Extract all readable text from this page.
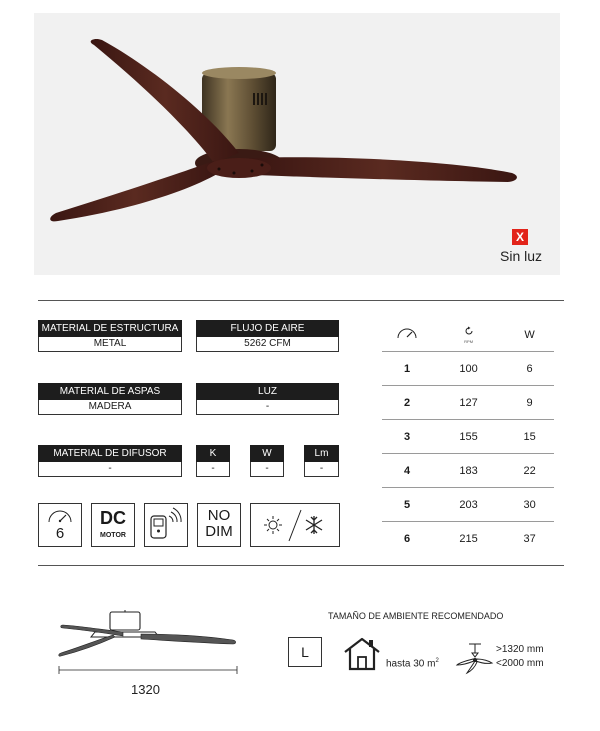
X
Sin luz
MATERIAL DE ESTRUCTURA
METAL
FLUJO DE AIRE
5262 CFM
MATERIAL DE ASPAS
MADERA
LUZ
-
MATERIAL DE DIFUSOR
-
K
-
W
-
Lm
-
6
DC
MOTOR
NO
DIM

RPM	W
1	100	6
2	127	9
3	155	15
4	183	22
5	203	30
6	215	37
1320
TAMAÑO DE AMBIENTE RECOMENDADO
L
hasta 30 $m^2$
>1320 mm
<2000 mm
